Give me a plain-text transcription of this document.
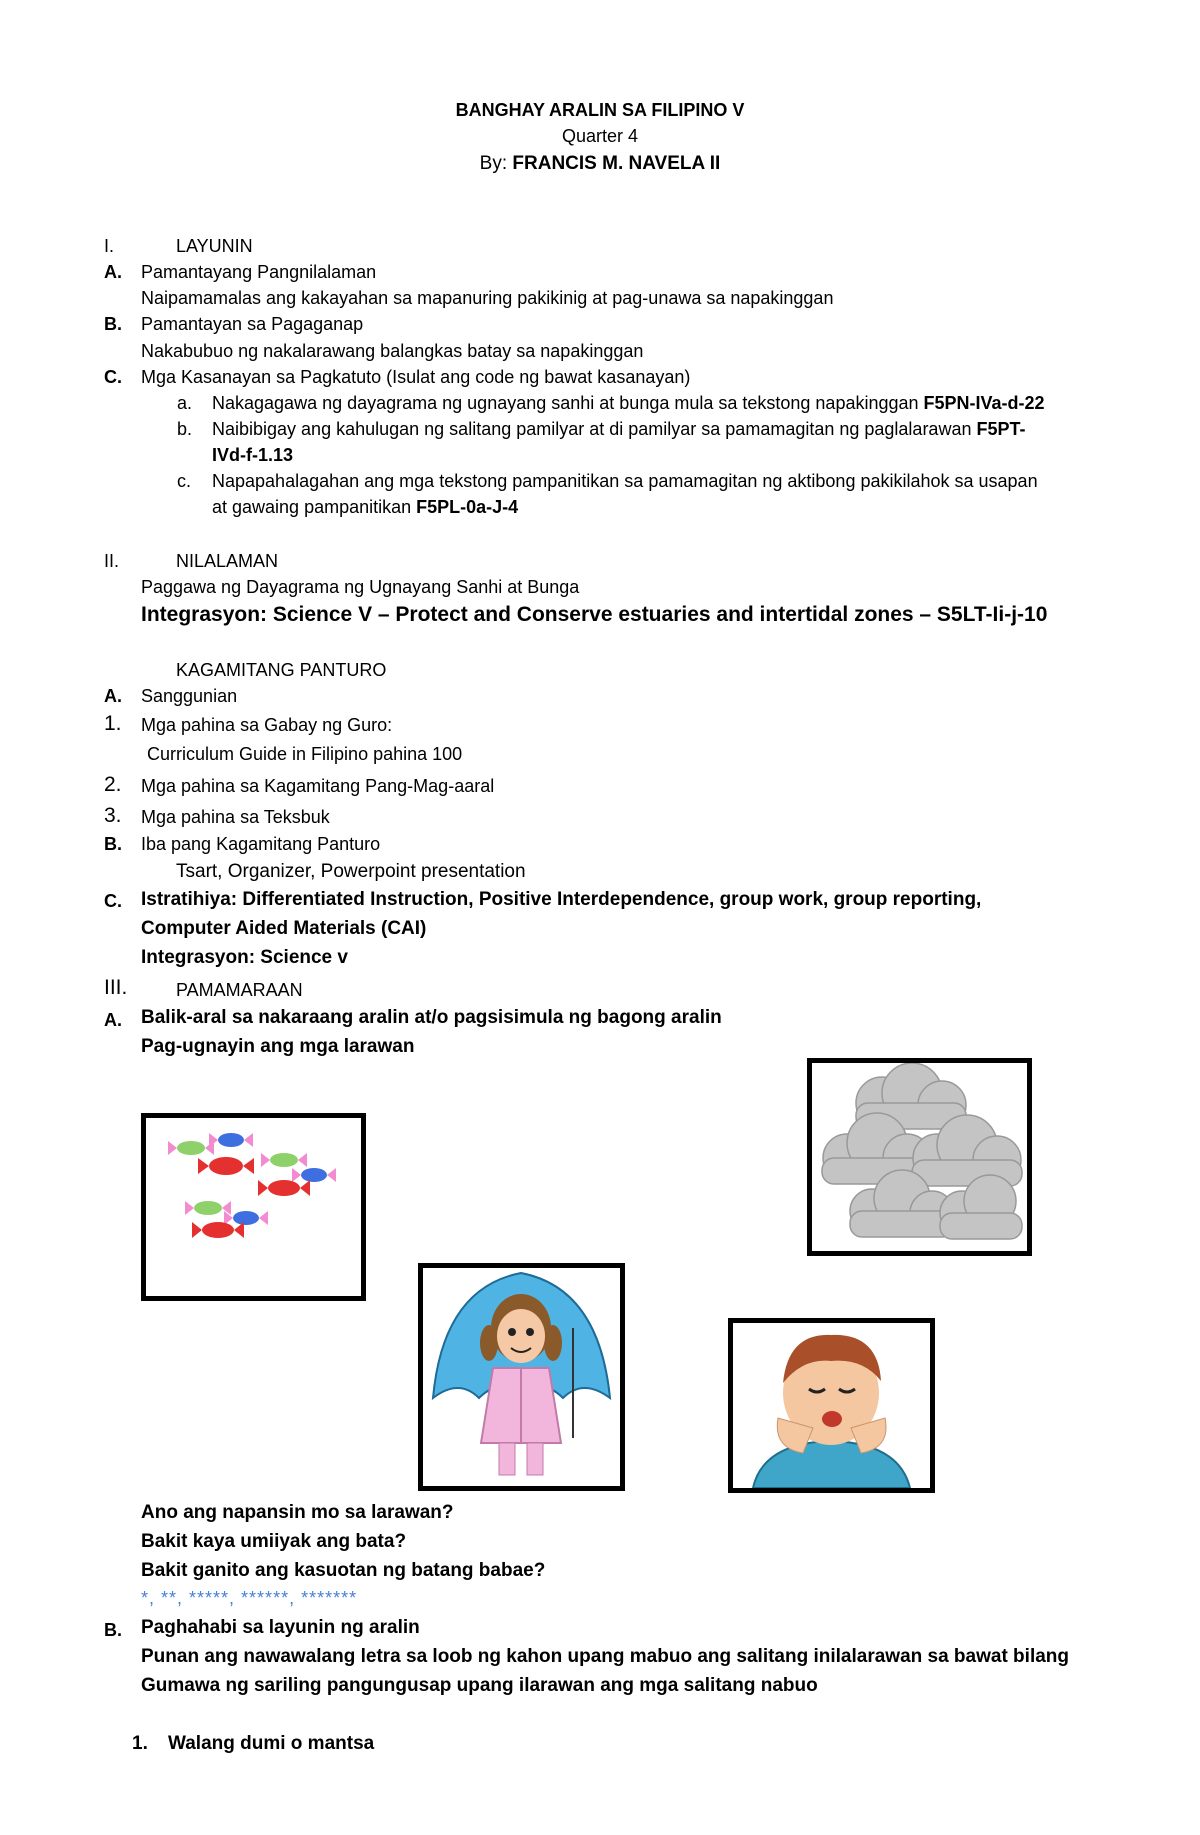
BANGHAY ARALIN SA FILIPINO V
Quarter 4
By: FRANCIS M. NAVELA II
I.	LAYUNIN
A. Pamantayang Pangnilalaman
Naipamamalas ang kakayahan sa mapanuring pakikinig at pag-unawa sa napakinggan
B. Pamantayan sa Pagaganap
Nakabubuo ng nakalarawang balangkas batay sa napakinggan
C. Mga Kasanayan sa Pagkatuto (Isulat ang code ng bawat kasanayan)
a. Nakagagawa ng dayagrama ng ugnayang sanhi at bunga mula sa tekstong napakinggan F5PN-IVa-d-22
b. Naibibigay ang kahulugan ng salitang pamilyar at di pamilyar sa pamamagitan ng paglalarawan F5PT-
IVd-f-1.13
c. Napapahalagahan ang mga tekstong pampanitikan sa pamamagitan ng aktibong pakikilahok sa usapan
at gawaing pampanitikan F5PL-0a-J-4
II.	NILALAMAN
Paggawa ng Dayagrama ng Ugnayang Sanhi at Bunga
Integrasyon: Science V – Protect and Conserve estuaries and intertidal zones – S5LT-Ii-j-10
KAGAMITANG PANTURO
A. Sanggunian
1. Mga pahina sa Gabay ng Guro:
Curriculum Guide in Filipino pahina 100
2. Mga pahina sa Kagamitang Pang-Mag-aaral
3. Mga pahina sa Teksbuk
B. Iba pang Kagamitang Panturo
Tsart, Organizer, Powerpoint presentation
C. Istratihiya: Differentiated Instruction, Positive Interdependence, group work, group reporting,
Computer Aided Materials (CAI)
Integrasyon: Science v
III.	PAMAMARAAN
A. Balik-aral sa nakaraang aralin at/o pagsisimula ng bagong aralin
Pag-ugnayin ang mga larawan
Ano ang napansin mo sa larawan?
Bakit kaya umiiyak ang bata?
Bakit ganito ang kasuotan ng batang babae?
*, **, *****, ******, *******
B. Paghahabi sa layunin ng aralin
Punan ang nawawalang letra sa loob ng kahon upang mabuo ang salitang inilalarawan sa bawat bilang
Gumawa ng sariling pangungusap upang ilarawan ang mga salitang nabuo
1. Walang dumi o mantsa
